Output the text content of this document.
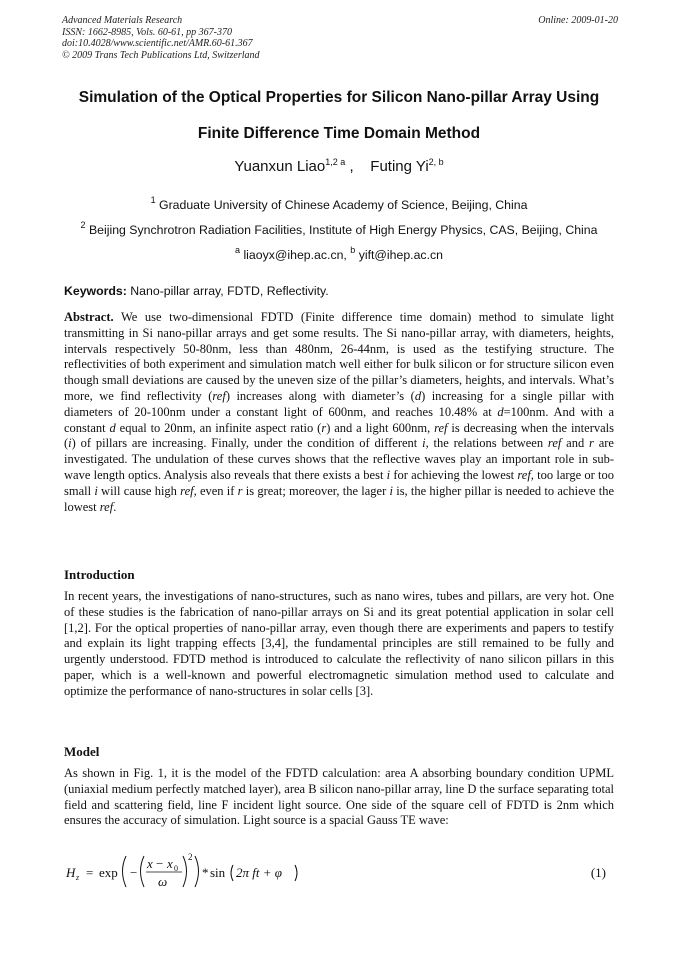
Advanced Materials Research
ISSN: 1662-8985, Vols. 60-61, pp 367-370
doi:10.4028/www.scientific.net/AMR.60-61.367
© 2009 Trans Tech Publications Ltd, Switzerland
Online: 2009-01-20
Simulation of the Optical Properties for Silicon Nano-pillar Array Using
Finite Difference Time Domain Method
Yuanxun Liao$^{1,2 a}$ , Futing Yi$^{2, b}$
$^1$ Graduate University of Chinese Academy of Science, Beijing, China
$^2$ Beijing Synchrotron Radiation Facilities, Institute of High Energy Physics, CAS, Beijing, China
$^a$ liaoyx@ihep.ac.cn, $^b$ yift@ihep.ac.cn
Keywords: Nano-pillar array, FDTD, Reflectivity.
Abstract. We use two-dimensional FDTD (Finite difference time domain) method to simulate light transmitting in Si nano-pillar arrays and get some results. The Si nano-pillar array, with diameters, heights, intervals respectively 50-80nm, less than 480nm, 26-44nm, is used as the testifying structure. The reflectivities of both experiment and simulation match well either for bulk silicon or for structure silicon even though small deviations are caused by the uneven size of the pillar’s diameters, heights, and intervals. What’s more, we find reflectivity (ref) increases along with diameter’s (d) increasing for a single pillar with diameters of 20-100nm under a constant light of 600nm, and reaches 10.48% at d=100nm. And with a constant d equal to 20nm, an infinite aspect ratio (r) and a light 600nm, ref is decreasing when the intervals (i) of pillars are increasing. Finally, under the condition of different i, the relations between ref and r are investigated. The undulation of these curves shows that the reflective waves play an important role in sub-wave length optics. Analysis also reveals that there exists a best i for achieving the lowest ref, too large or too small i will cause high ref, even if r is great; moreover, the lager i is, the higher pillar is needed to achieve the lowest ref.
Introduction
In recent years, the investigations of nano-structures, such as nano wires, tubes and pillars, are very hot. One of these studies is the fabrication of nano-pillar arrays on Si and its great potential application in solar cell [1,2]. For the optical properties of nano-pillar array, even though there are experiments and papers to testify and explain its light trapping effects [3,4], the fundamental principles are still remained to be fully and urgently understood. FDTD method is introduced to calculate the reflectivity of nano silicon pillars in this paper, which is a well-known and powerful electromagnetic simulation method used to calculate and optimize the performance of nano-structures in solar cells [3].
Model
As shown in Fig. 1, it is the model of the FDTD calculation: area A absorbing boundary condition UPML (uniaxial medium perfectly matched layer), area B silicon nano-pillar array, line D the surface separating total field and scattering field, line F incident light source. One side of the square cell of FDTD is 2nm which ensures the accuracy of simulation. Light source is a spacial Gauss TE wave:
H z = exp −
x − x 0
ω
2
* sin 2π ft + φ	(1)
